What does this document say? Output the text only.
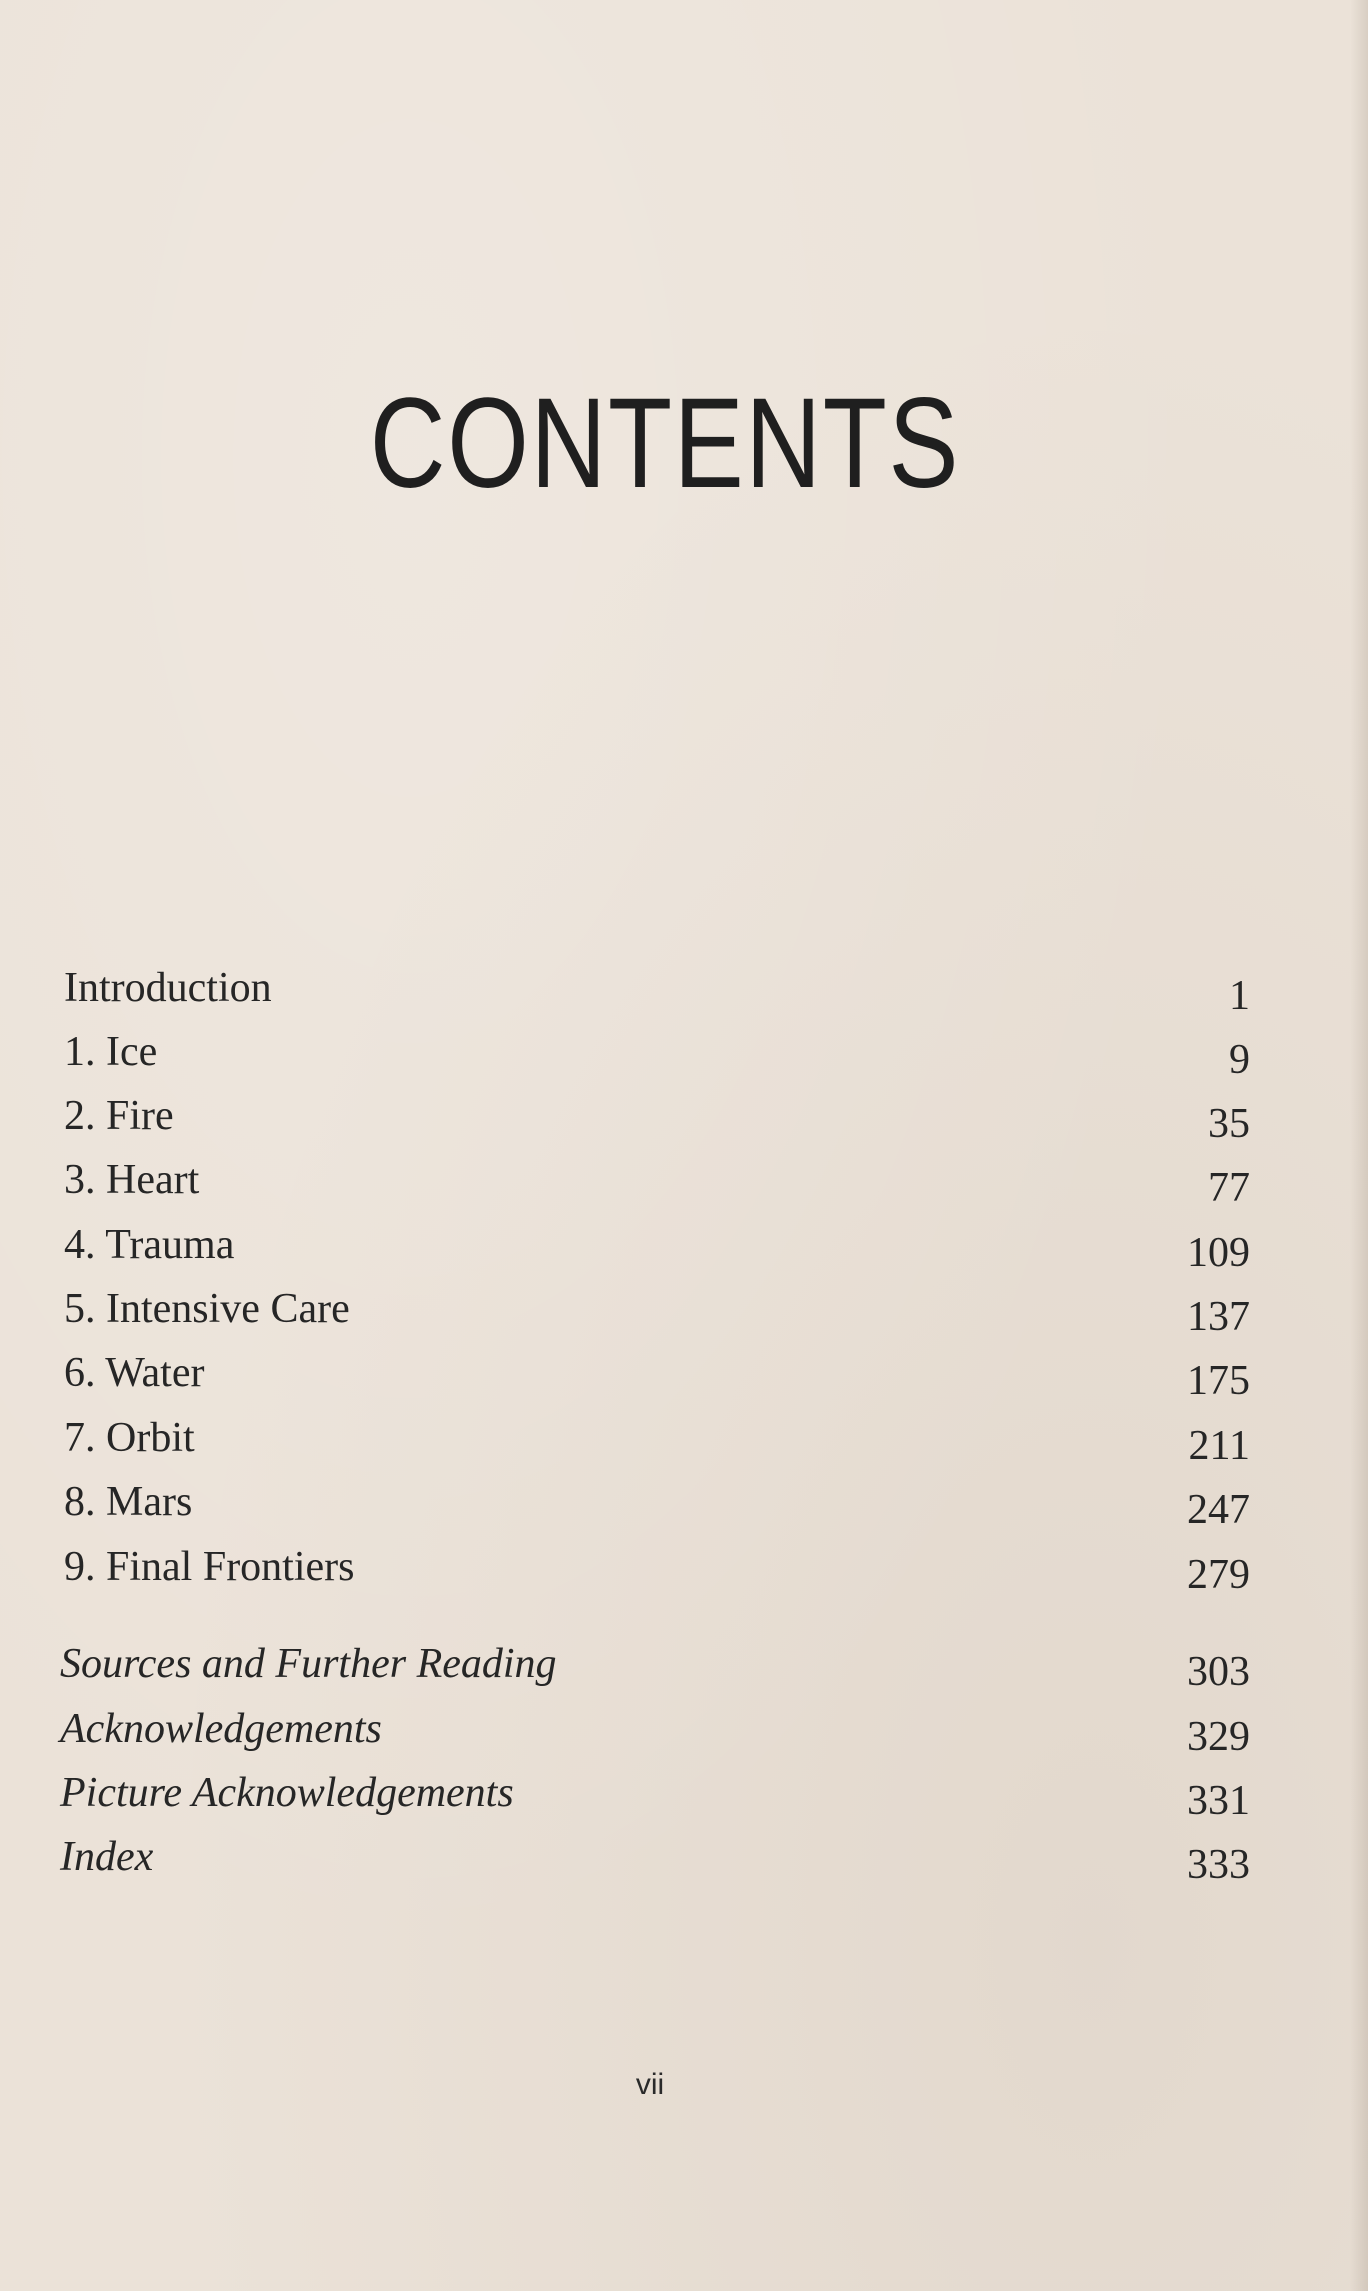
CONTENTS
Introduction	1
1. Ice	9
2. Fire	35
3. Heart	77
4. Trauma	109
5. Intensive Care	137
6. Water	175
7. Orbit	211
8. Mars	247
9. Final Frontiers	279
Sources and Further Reading	303
Acknowledgements	329
Picture Acknowledgements	331
Index	333
vii
